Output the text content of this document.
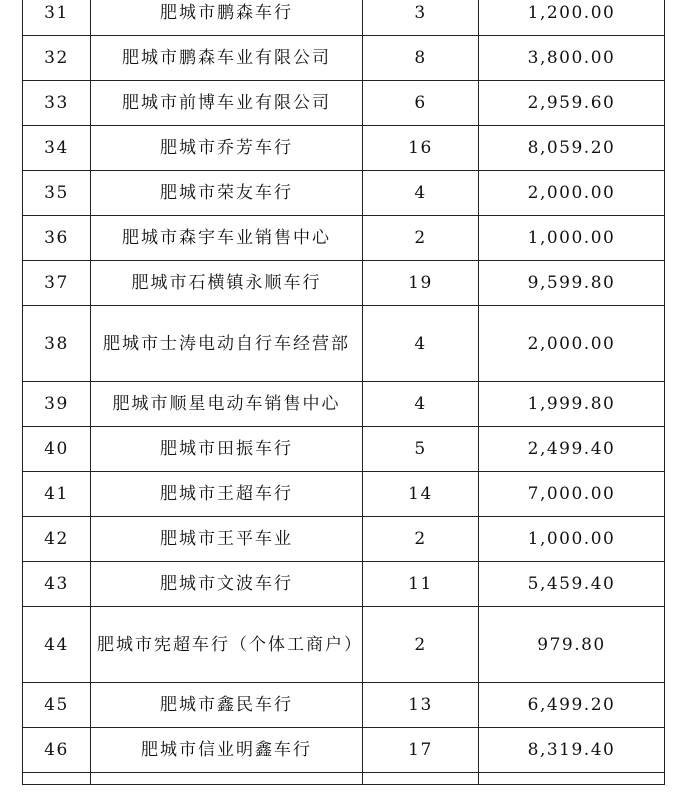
31	肥城市鹏森车行	3	1,200.00
32	肥城市鹏森车业有限公司	8	3,800.00
33	肥城市前博车业有限公司	6	2,959.60
34	肥城市乔芳车行	16	8,059.20
35	肥城市荣友车行	4	2,000.00
36	肥城市森宇车业销售中心	2	1,000.00
37	肥城市石横镇永顺车行	19	9,599.80
38	肥城市士涛电动自行车经营部	4	2,000.00
39	肥城市顺星电动车销售中心	4	1,999.80
40	肥城市田振车行	5	2,499.40
41	肥城市王超车行	14	7,000.00
42	肥城市王平车业	2	1,000.00
43	肥城市文波车行	11	5,459.40
44	肥城市宪超车行（个体工商户）	2	979.80
45	肥城市鑫民车行	13	6,499.20
46	肥城市信业明鑫车行	17	8,319.40
